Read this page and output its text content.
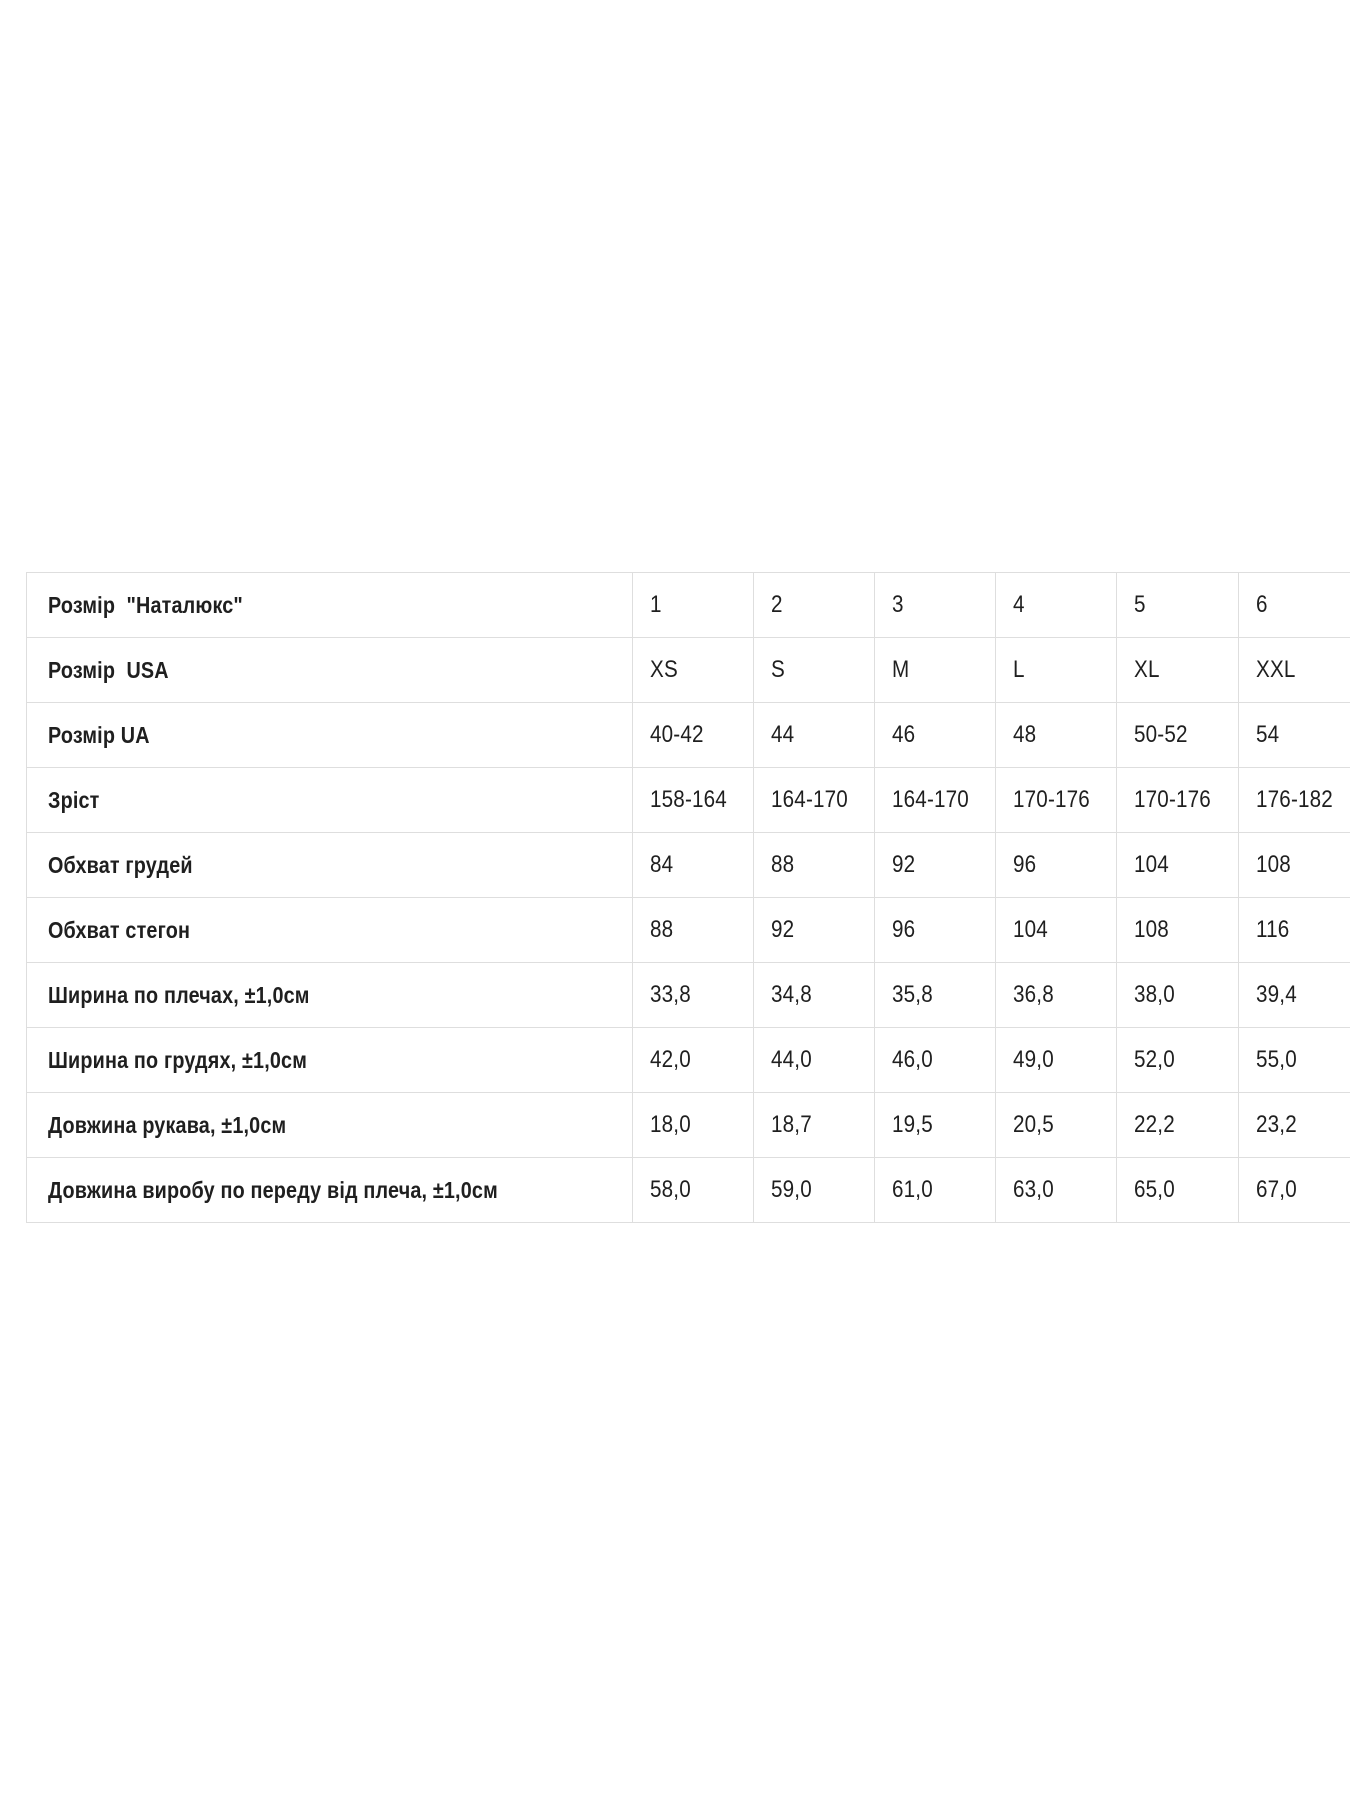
Розмір  "Наталюкс"	1	2	3	4	5	6
Розмір  USA	XS	S	M	L	XL	XXL
Розмір UA	40-42	44	46	48	50-52	54
Зріст	158-164	164-170	164-170	170-176	170-176	176-182
Обхват грудей	84	88	92	96	104	108
Обхват стегон	88	92	96	104	108	116
Ширина по плечах, ±1,0см	33,8	34,8	35,8	36,8	38,0	39,4
Ширина по грудях, ±1,0см	42,0	44,0	46,0	49,0	52,0	55,0
Довжина рукава, ±1,0см	18,0	18,7	19,5	20,5	22,2	23,2
Довжина виробу по переду від плеча, ±1,0см	58,0	59,0	61,0	63,0	65,0	67,0
